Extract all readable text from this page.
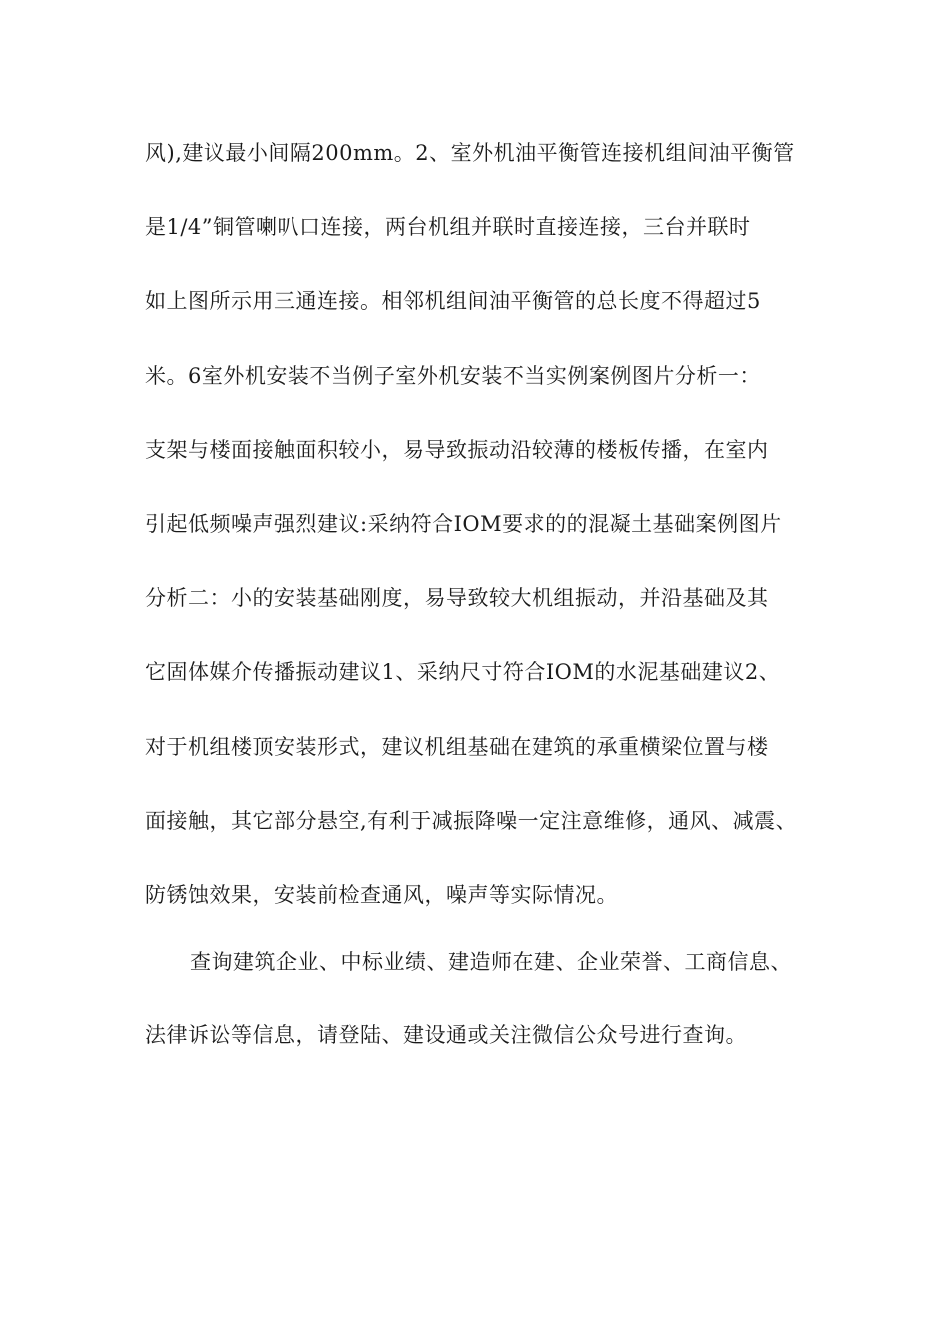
风),建议最小间隔200mm。2、室外机油平衡管连接机组间油平衡管
是1/4”铜管喇叭口连接，两台机组并联时直接连接，三台并联时
如上图所示用三通连接。相邻机组间油平衡管的总长度不得超过5
米。6室外机安装不当例子室外机安装不当实例案例图片分析一：
支架与楼面接触面积较小，易导致振动沿较薄的楼板传播，在室内
引起低频噪声强烈建议:采纳符合IOM要求的的混凝土基础案例图片
分析二：小的安装基础刚度，易导致较大机组振动，并沿基础及其
它固体媒介传播振动建议1、采纳尺寸符合IOM的水泥基础建议2、
对于机组楼顶安装形式，建议机组基础在建筑的承重横梁位置与楼
面接触，其它部分悬空,有利于减振降噪一定注意维修，通风、减震、
防锈蚀效果，安装前检查通风，噪声等实际情况。
查询建筑企业、中标业绩、建造师在建、企业荣誉、工商信息、
法律诉讼等信息，请登陆、建设通或关注微信公众号进行查询。
